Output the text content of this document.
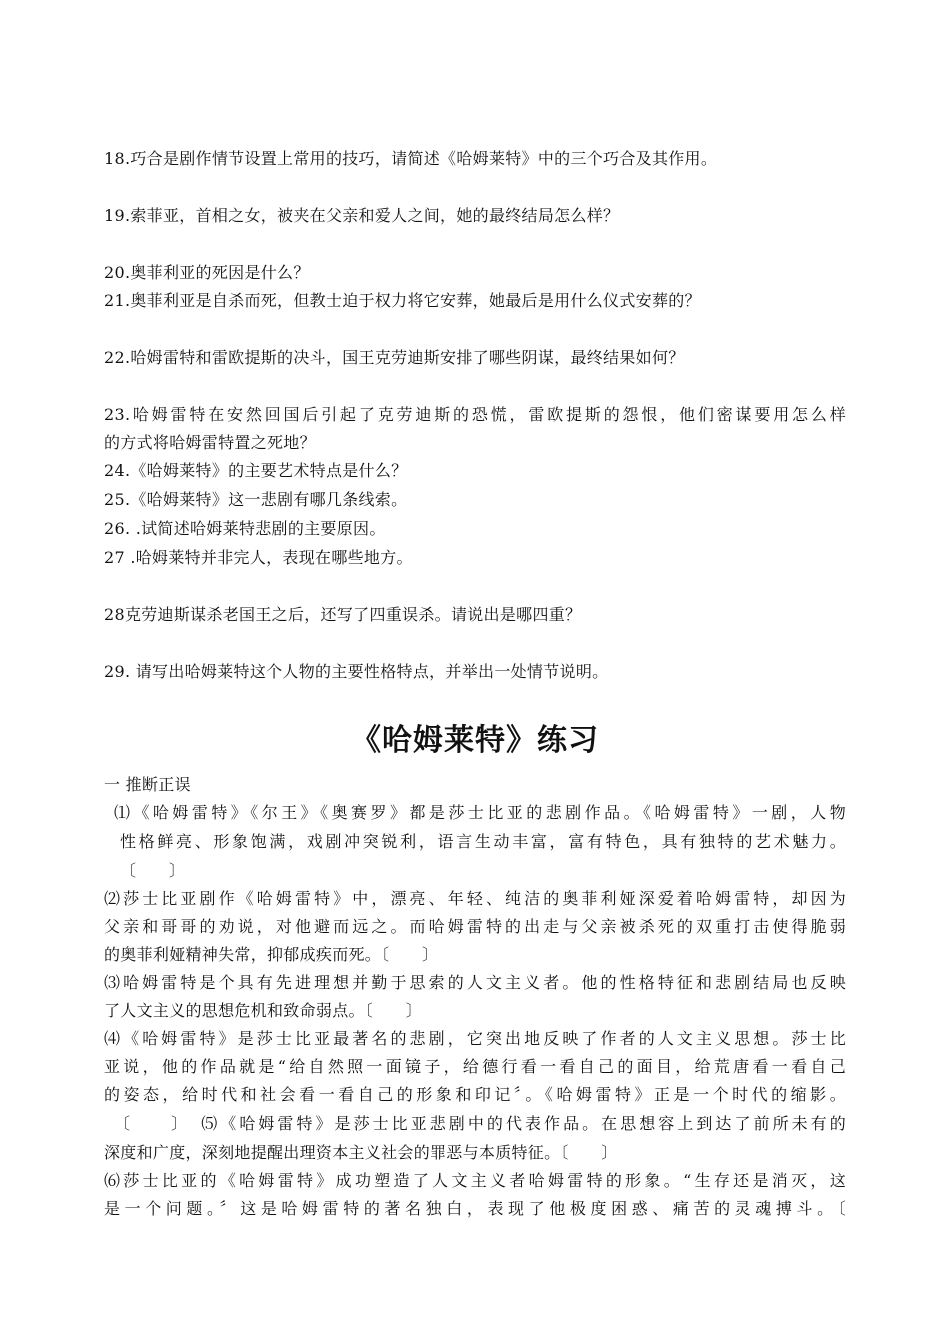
18.巧合是剧作情节设置上常用的技巧，请简述《哈姆莱特》中的三个巧合及其作用。
19.索菲亚，首相之女，被夹在父亲和爱人之间，她的最终结局怎么样？
20.奥菲利亚的死因是什么？
21.奥菲利亚是自杀而死，但教士迫于权力将它安葬，她最后是用什么仪式安葬的？
22.哈姆雷特和雷欧提斯的决斗，国王克劳迪斯安排了哪些阴谋，最终结果如何？
23.哈姆雷特在安然回国后引起了克劳迪斯的恐慌，雷欧提斯的怨恨，他们密谋要用怎么样
的方式将哈姆雷特置之死地？
24.《哈姆莱特》的主要艺术特点是什么？
25.《哈姆莱特》这一悲剧有哪几条线索。
26. .试简述哈姆莱特悲剧的主要原因。
27 .哈姆莱特并非完人，表现在哪些地方。
28克劳迪斯谋杀老国王之后，还写了四重误杀。请说出是哪四重？
29. 请写出哈姆莱特这个人物的主要性格特点，并举出一处情节说明。
《哈姆莱特》练习
一 推断正误
⑴《哈姆雷特》《尔王》《奥赛罗》都是莎士比亚的悲剧作品。《哈姆雷特》一剧，人物
性格鲜亮、形象饱满，戏剧冲突锐利，语言生动丰富，富有特色，具有独特的艺术魅力。
〔　　〕
⑵莎士比亚剧作《哈姆雷特》中，漂亮、年轻、纯洁的奥菲利娅深爱着哈姆雷特，却因为
父亲和哥哥的劝说，对他避而远之。而哈姆雷特的出走与父亲被杀死的双重打击使得脆弱
的奥菲利娅精神失常，抑郁成疾而死。〔　　〕
⑶哈姆雷特是个具有先进理想并勤于思索的人文主义者。他的性格特征和悲剧结局也反映
了人文主义的思想危机和致命弱点。〔　　〕
⑷《哈姆雷特》是莎士比亚最著名的悲剧，它突出地反映了作者的人文主义思想。莎士比
亚说，他的作品就是“给自然照一面镜子，给德行看一看自己的面目，给荒唐看一看自己
的姿态，给时代和社会看一看自己的形象和印记〞。《哈姆雷特》正是一个时代的缩影。
〔　　〕　⑸《哈姆雷特》是莎士比亚悲剧中的代表作品。在思想容上到达了前所未有的
深度和广度，深刻地提醒出理资本主义社会的罪恶与本质特征。〔　　〕
⑹莎士比亚的《哈姆雷特》成功塑造了人文主义者哈姆雷特的形象。“生存还是消灭，这
是一个问题。〞这是哈姆雷特的著名独白，表现了他极度困惑、痛苦的灵魂搏斗。〔
